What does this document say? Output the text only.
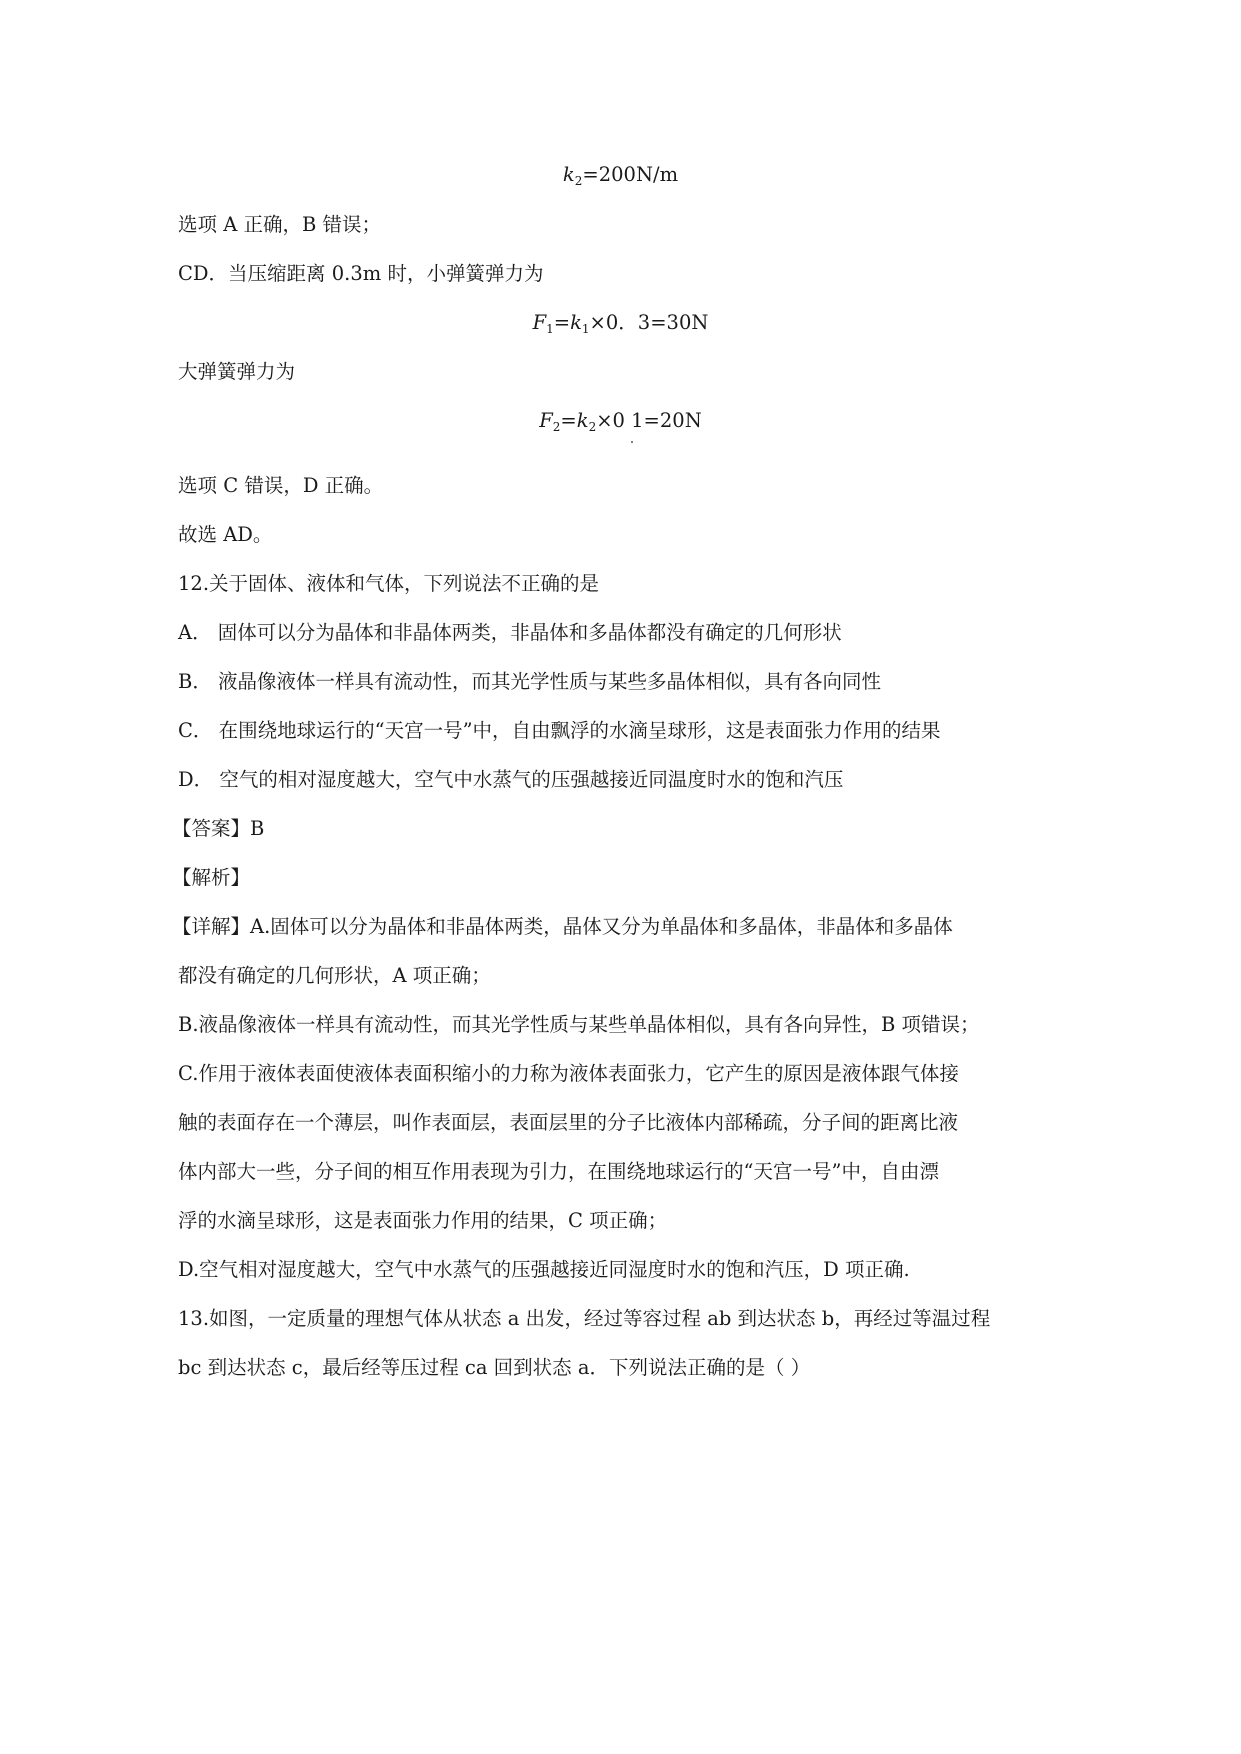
$k_2=200N/m$
选项 A 正确，B 错误；
CD．当压缩距离 0.3m 时，小弹簧弹力为
$F_1=k_1\times 0$．3=30N
大弹簧弹力为
$F_2=k_2\times 0$ 1=20N
选项 C 错误，D 正确。
故选 AD。
12.关于固体、液体和气体，下列说法不正确的是
A． 固体可以分为晶体和非晶体两类，非晶体和多晶体都没有确定的几何形状
B． 液晶像液体一样具有流动性，而其光学性质与某些多晶体相似，具有各向同性
C． 在围绕地球运行的“天宫一号”中，自由飘浮的水滴呈球形，这是表面张力作用的结果
D． 空气的相对湿度越大，空气中水蒸气的压强越接近同温度时水的饱和汽压
【答案】B
【解析】
【详解】A.固体可以分为晶体和非晶体两类，晶体又分为单晶体和多晶体，非晶体和多晶体
都没有确定的几何形状，A 项正确；
B.液晶像液体一样具有流动性，而其光学性质与某些单晶体相似，具有各向异性，B 项错误；
C.作用于液体表面使液体表面积缩小的力称为液体表面张力，它产生的原因是液体跟气体接
触的表面存在一个薄层，叫作表面层，表面层里的分子比液体内部稀疏，分子间的距离比液
体内部大一些，分子间的相互作用表现为引力，在围绕地球运行的“天宫一号”中，自由漂
浮的水滴呈球形，这是表面张力作用的结果，C 项正确；
D.空气相对湿度越大，空气中水蒸气的压强越接近同湿度时水的饱和汽压，D 项正确.
13.如图，一定质量的理想气体从状态 a 出发，经过等容过程 ab 到达状态 b，再经过等温过程
bc 到达状态 c，最后经等压过程 ca 回到状态 a．下列说法正确的是（ ）
